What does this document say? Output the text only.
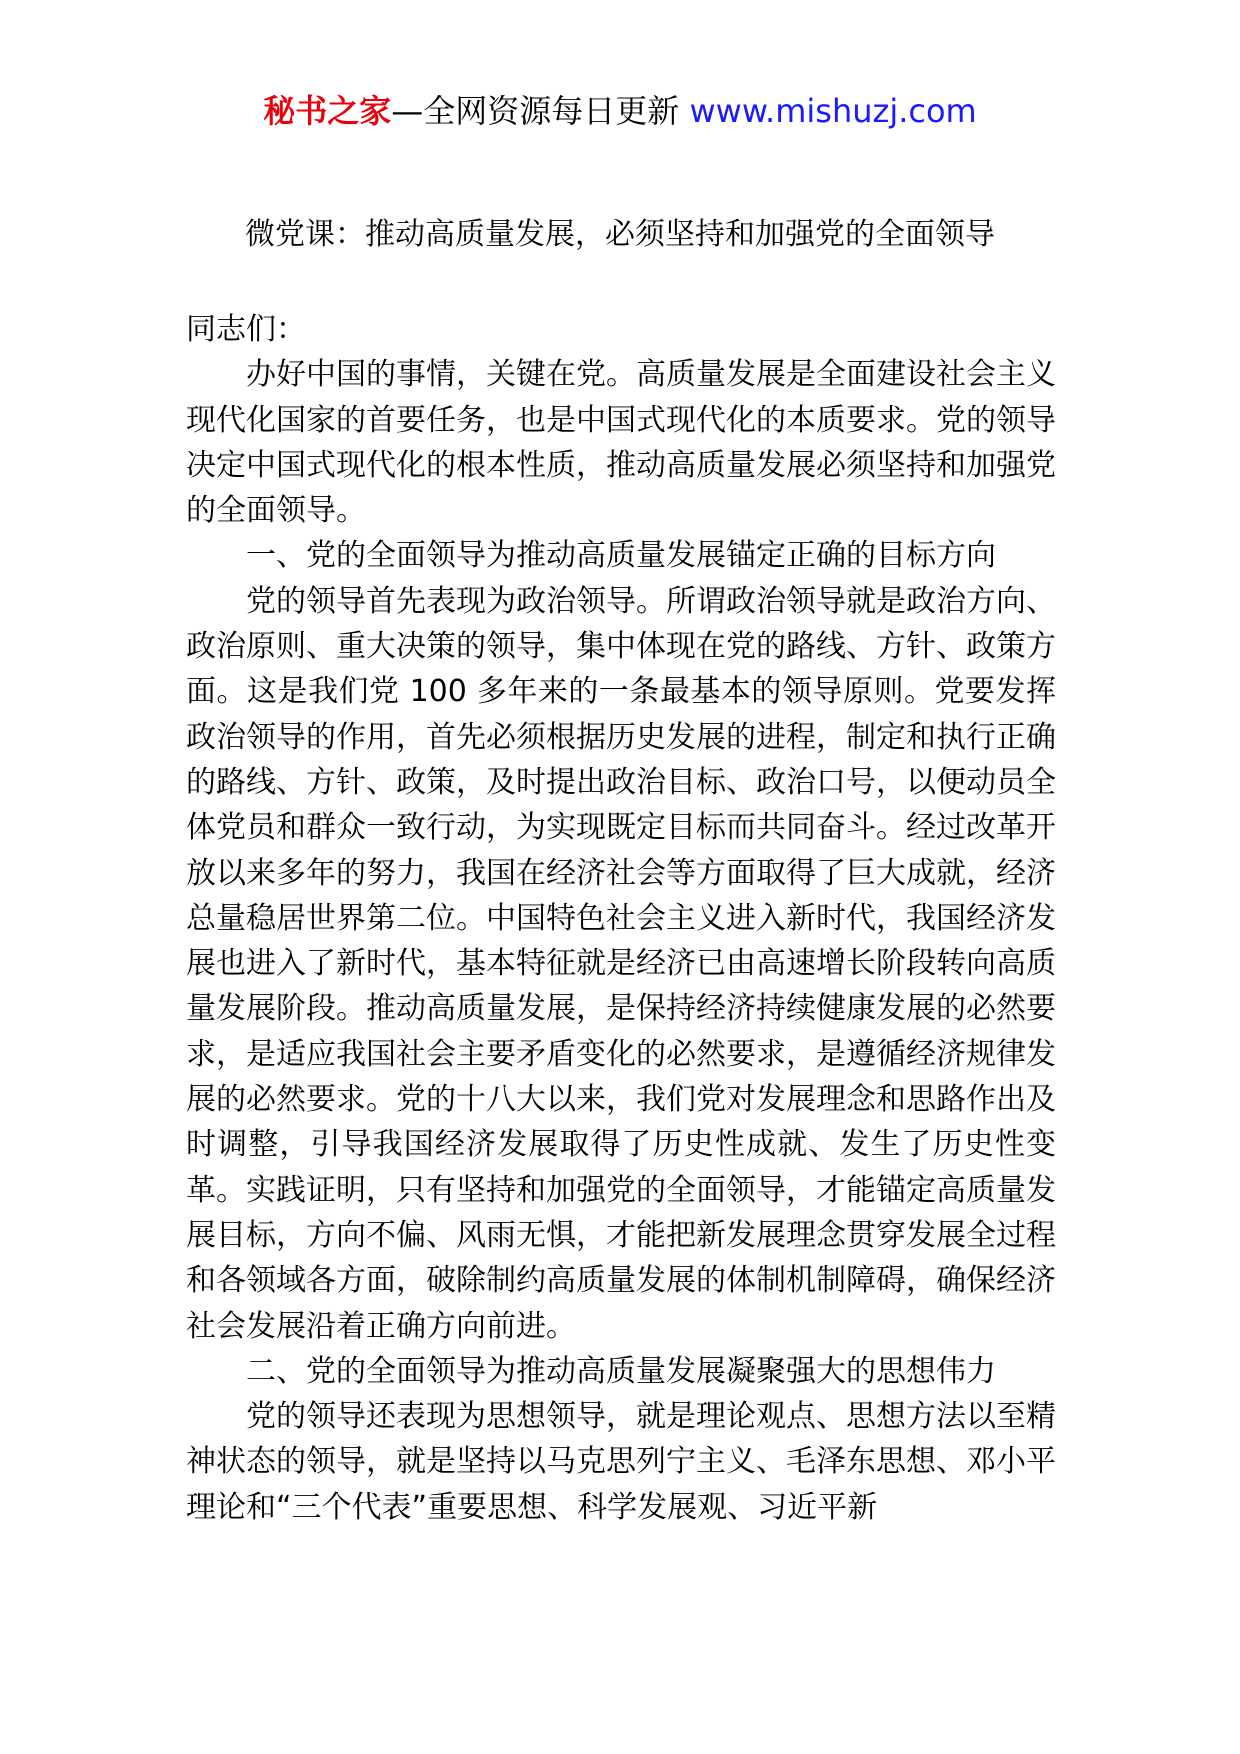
秘书之家—全网资源每日更新 www.mishuzj.com
微党课：推动高质量发展，必须坚持和加强党的全面领导

同志们：

办好中国的事情，关键在党。高质量发展是全面建设社会主义现代化国家的首要任务，也是中国式现代化的本质要求。党的领导决定中国式现代化的根本性质，推动高质量发展必须坚持和加强党的全面领导。

一、党的全面领导为推动高质量发展锚定正确的目标方向

党的领导首先表现为政治领导。所谓政治领导就是政治方向、政治原则、重大决策的领导，集中体现在党的路线、方针、政策方面。这是我们党 100 多年来的一条最基本的领导原则。党要发挥政治领导的作用，首先必须根据历史发展的进程，制定和执行正确的路线、方针、政策，及时提出政治目标、政治口号，以便动员全体党员和群众一致行动，为实现既定目标而共同奋斗。经过改革开放以来多年的努力，我国在经济社会等方面取得了巨大成就，经济总量稳居世界第二位。中国特色社会主义进入新时代，我国经济发展也进入了新时代，基本特征就是经济已由高速增长阶段转向高质量发展阶段。推动高质量发展，是保持经济持续健康发展的必然要求，是适应我国社会主要矛盾变化的必然要求，是遵循经济规律发展的必然要求。党的十八大以来，我们党对发展理念和思路作出及时调整，引导我国经济发展取得了历史性成就、发生了历史性变革。实践证明，只有坚持和加强党的全面领导，才能锚定高质量发展目标，方向不偏、风雨无惧，才能把新发展理念贯穿发展全过程和各领域各方面，破除制约高质量发展的体制机制障碍，确保经济社会发展沿着正确方向前进。

二、党的全面领导为推动高质量发展凝聚强大的思想伟力

党的领导还表现为思想领导，就是理论观点、思想方法以至精神状态的领导，就是坚持以马克思列宁主义、毛泽东思想、邓小平理论和“三个代表”重要思想、科学发展观、习近平新
